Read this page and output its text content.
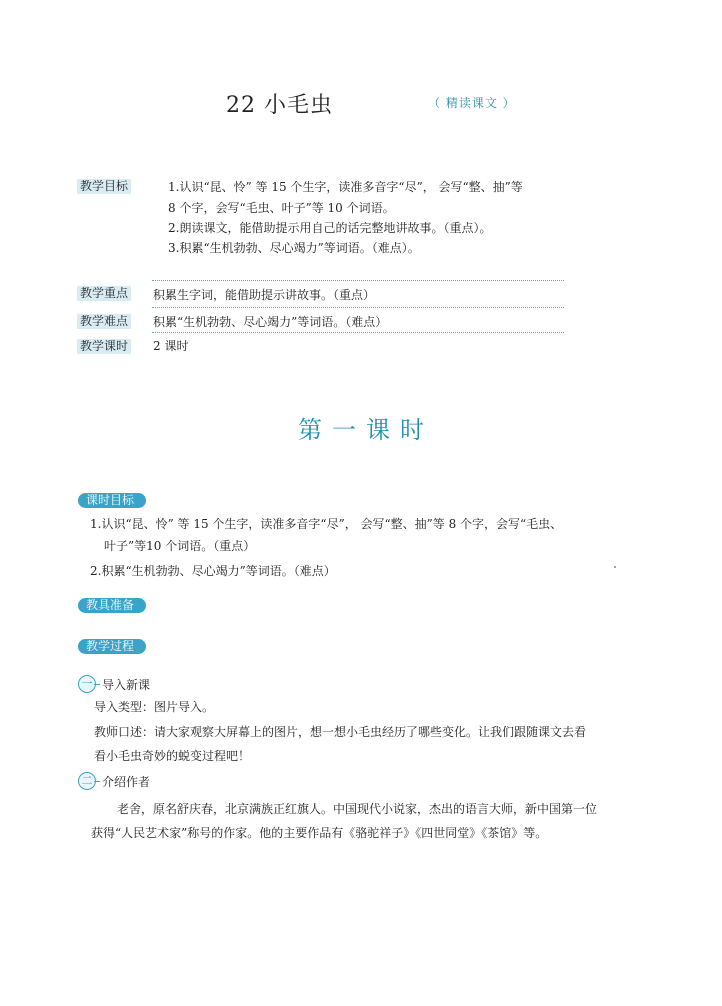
22 小毛虫	（ 精读课文 ）
教学目标	1.认识“昆、怜” 等 15 个生字，读准多音字“尽”， 会写“整、抽”等
8 个字，会写“毛虫、叶子”等 10 个词语。
2.朗读课文，能借助提示用自己的话完整地讲故事。（重点）。
3.积累“生机勃勃、尽心竭力”等词语。（难点）。
教学重点 积累生字词，能借助提示讲故事。（重点）
教学难点 积累“生机勃勃、尽心竭力”等词语。（难点）
教学课时 2 课时
第一课时
课时目标
1.认识“昆、怜” 等 15 个生字，读准多音字“尽”， 会写“整、抽”等 8 个字，会写“毛虫、
叶子”等10 个词语。（重点）
2.积累“生机勃勃、尽心竭力”等词语。（难点）
教具准备
教学过程
一 导入新课
导入类型：图片导入。
教师口述：请大家观察大屏幕上的图片，想一想小毛虫经历了哪些变化。让我们跟随课文去看
看小毛虫奇妙的蜕变过程吧！
二 介绍作者
老舍，原名舒庆春，北京满族正红旗人。中国现代小说家，杰出的语言大师，新中国第一位
获得“人民艺术家”称号的作家。他的主要作品有《骆驼祥子》《四世同堂》《茶馆》等。
